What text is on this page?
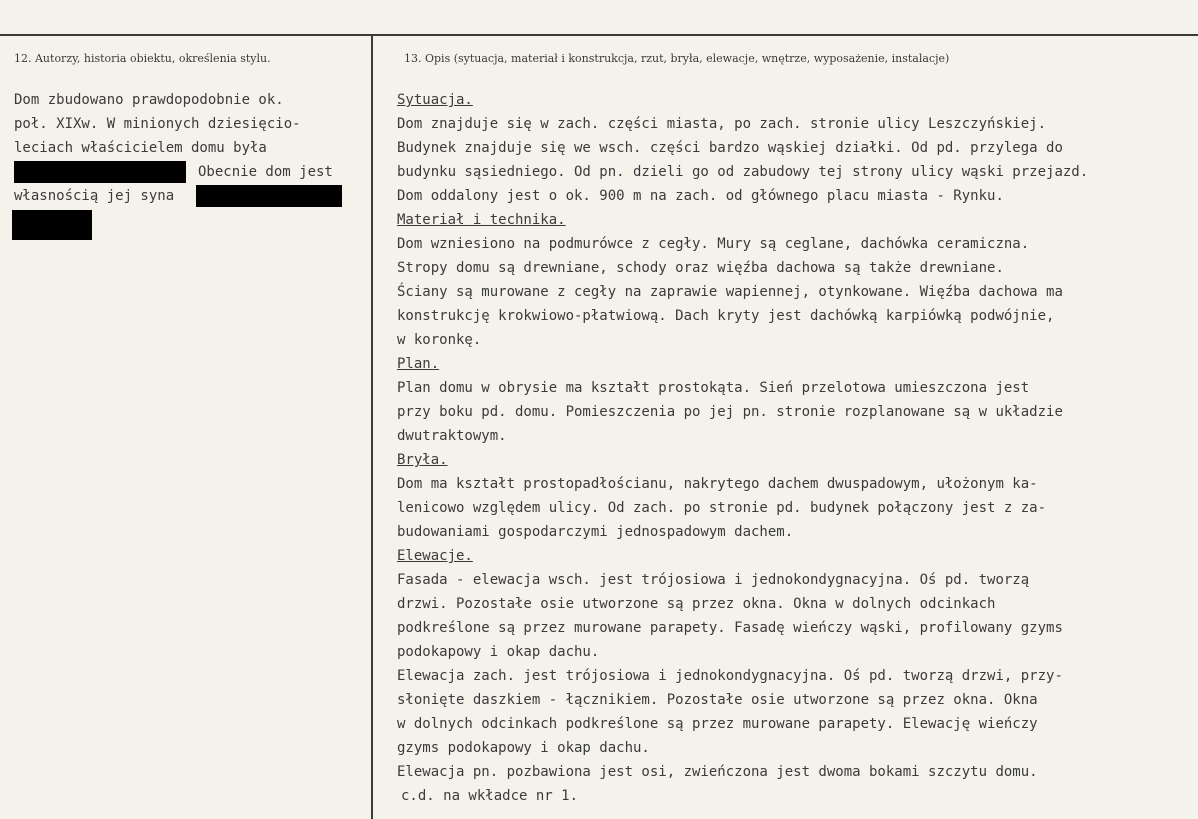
12. Autorzy, historia obiektu, określenia stylu.	13. Opis (sytuacja, materiał i konstrukcja, rzut, bryła, elewacje, wnętrze, wyposażenie, instalacje)
Dom zbudowano prawdopodobnie ok.
poł. XIXw. W minionych dziesięcio-
leciach właścicielem domu była
Obecnie dom jest
własnością jej syna
Sytuacja.
Dom znajduje się w zach. części miasta, po zach. stronie ulicy Leszczyńskiej.
Budynek znajduje się we wsch. części bardzo wąskiej działki. Od pd. przylega do
budynku sąsiedniego. Od pn. dzieli go od zabudowy tej strony ulicy wąski przejazd.
Dom oddalony jest o ok. 900 m na zach. od głównego placu miasta - Rynku.
Materiał i technika.
Dom wzniesiono na podmurówce z cegły. Mury są ceglane, dachówka ceramiczna.
Stropy domu są drewniane, schody oraz więźba dachowa są także drewniane.
Ściany są murowane z cegły na zaprawie wapiennej, otynkowane. Więźba dachowa ma
konstrukcję krokwiowo-płatwiową. Dach kryty jest dachówką karpiówką podwójnie,
w koronkę.
Plan.
Plan domu w obrysie ma kształt prostokąta. Sień przelotowa umieszczona jest
przy boku pd. domu. Pomieszczenia po jej pn. stronie rozplanowane są w układzie
dwutraktowym.
Bryła.
Dom ma kształt prostopadłościanu, nakrytego dachem dwuspadowym, ułożonym ka-
lenicowo względem ulicy. Od zach. po stronie pd. budynek połączony jest z za-
budowaniami gospodarczymi jednospadowym dachem.
Elewacje.
Fasada - elewacja wsch. jest trójosiowa i jednokondygnacyjna. Oś pd. tworzą
drzwi. Pozostałe osie utworzone są przez okna. Okna w dolnych odcinkach
podkreślone są przez murowane parapety. Fasadę wieńczy wąski, profilowany gzyms
podokapowy i okap dachu.
Elewacja zach. jest trójosiowa i jednokondygnacyjna. Oś pd. tworzą drzwi, przy-
słonięte daszkiem - łącznikiem. Pozostałe osie utworzone są przez okna. Okna
w dolnych odcinkach podkreślone są przez murowane parapety. Elewację wieńczy
gzyms podokapowy i okap dachu.
Elewacja pn. pozbawiona jest osi, zwieńczona jest dwoma bokami szczytu domu.
c.d. na wkładce nr 1.
